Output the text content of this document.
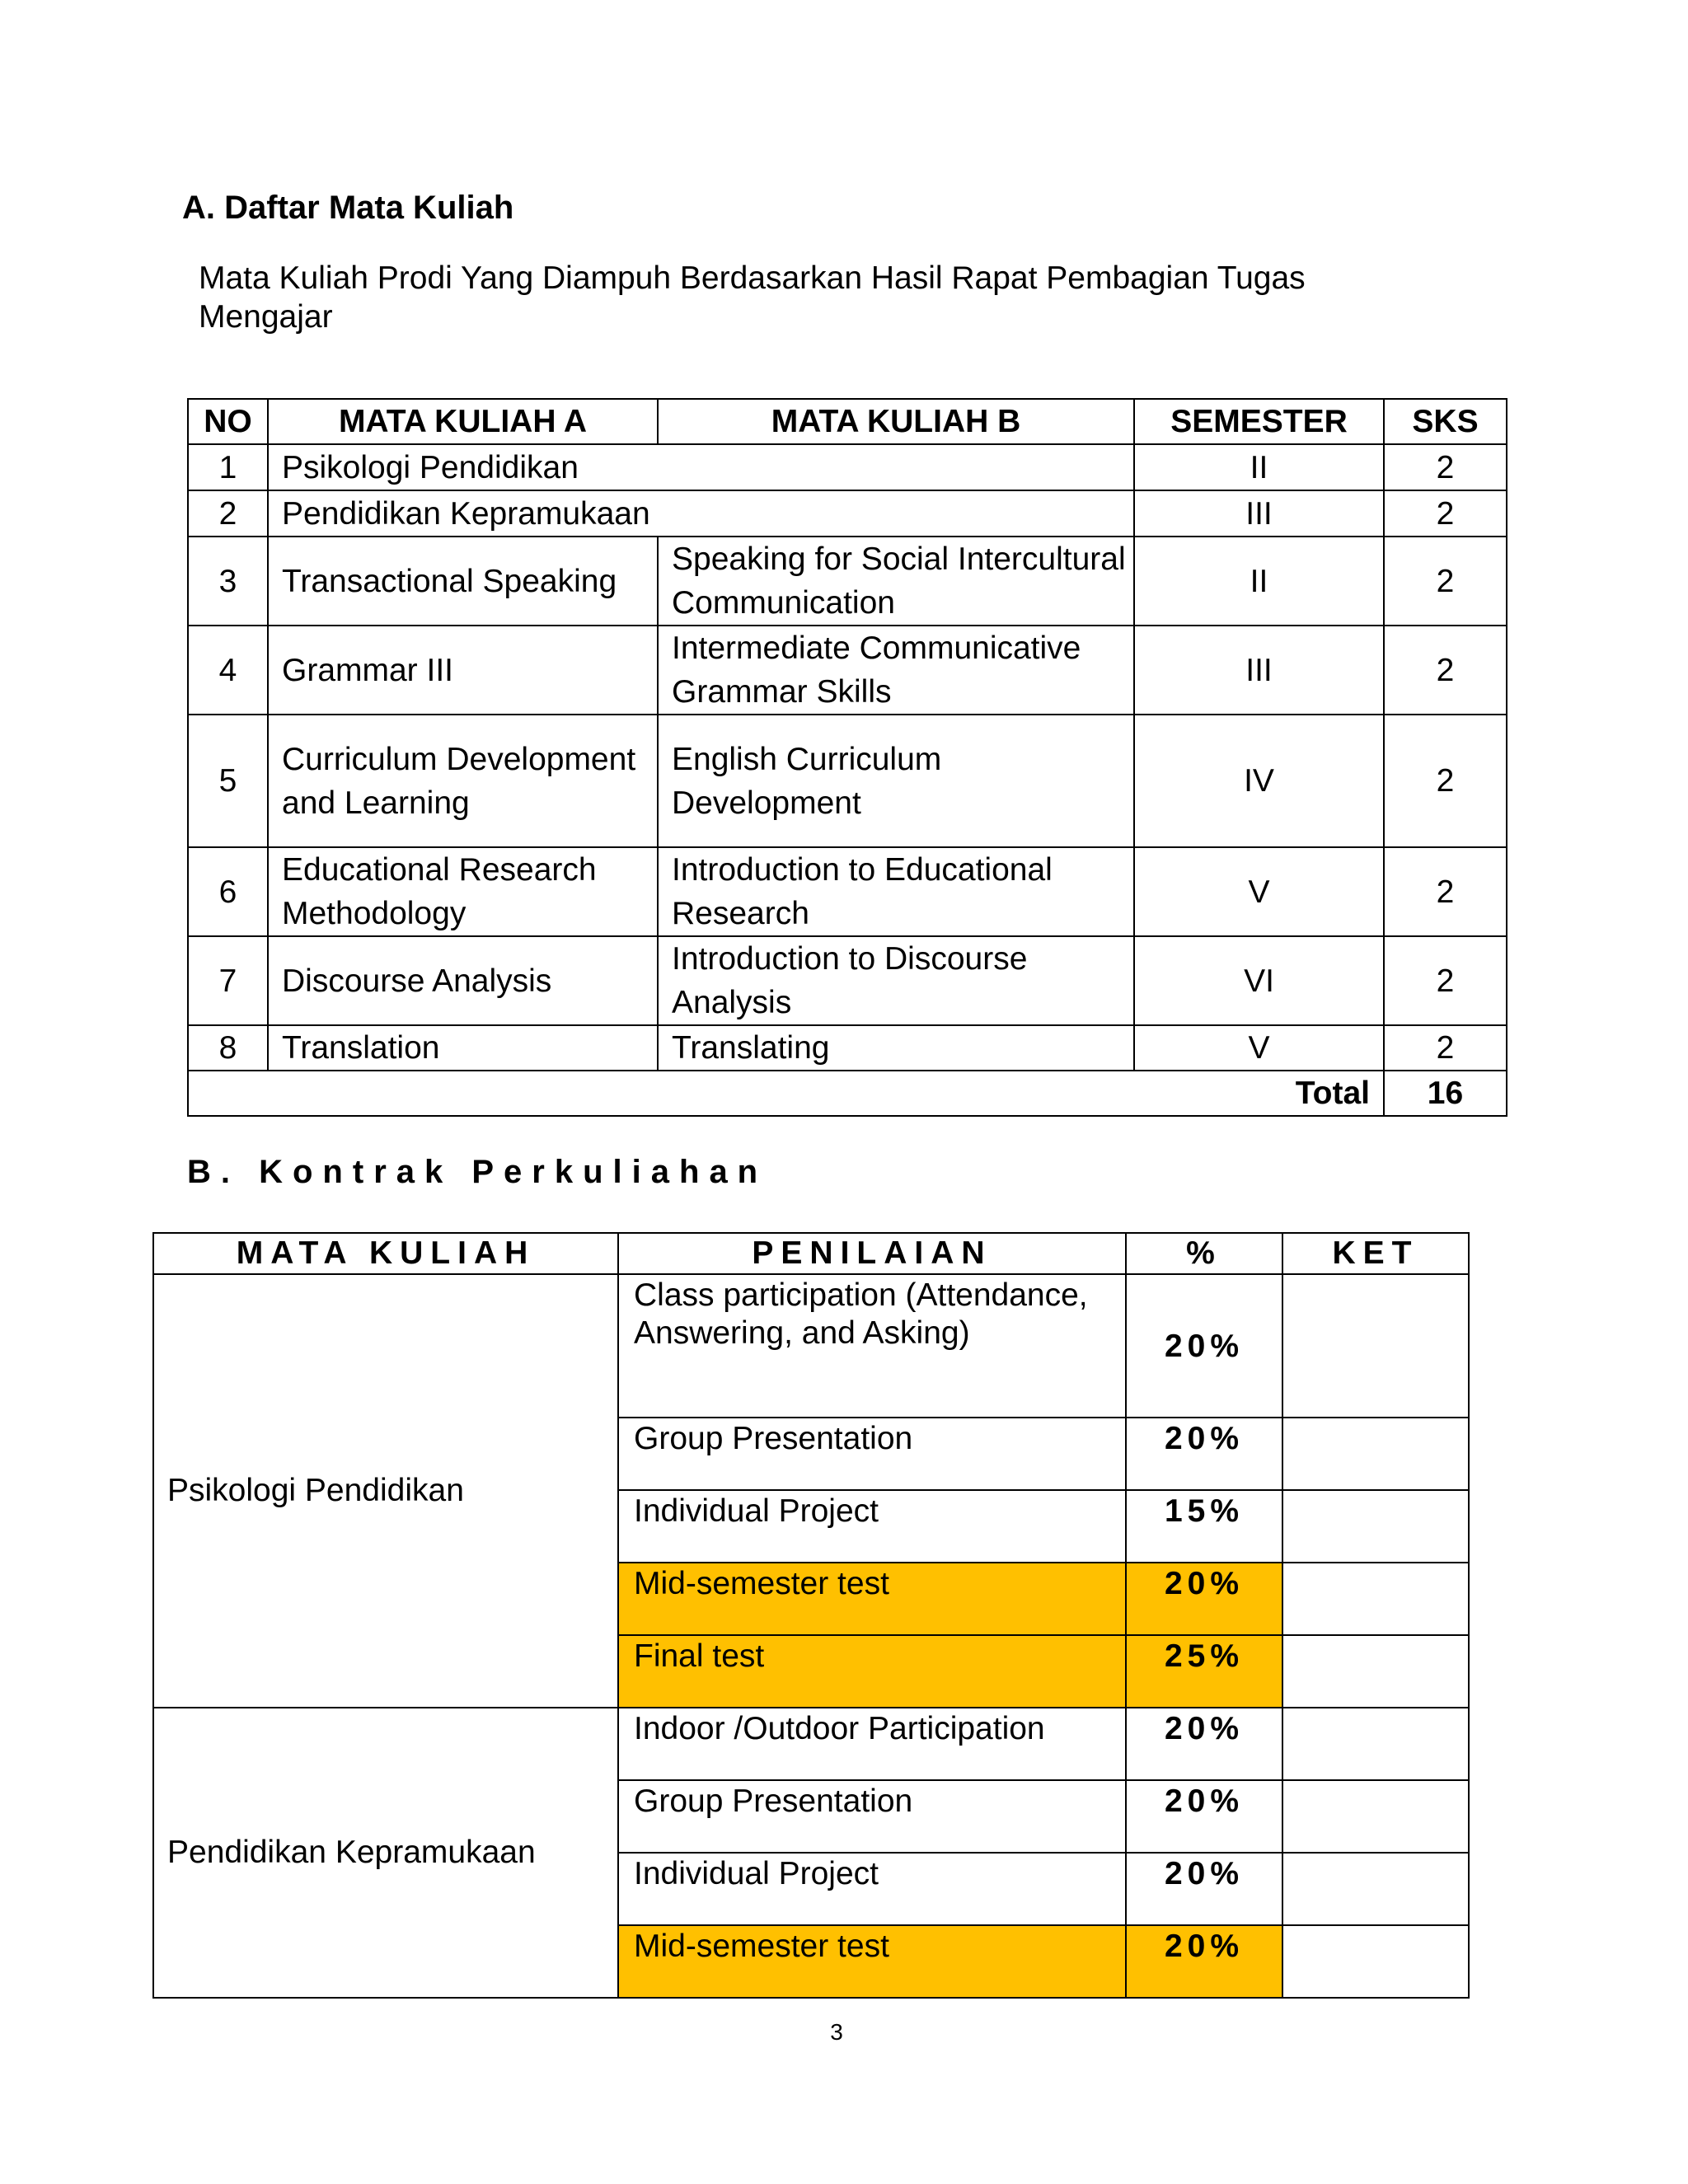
A. Daftar Mata Kuliah
Mata Kuliah Prodi Yang Diampuh Berdasarkan Hasil Rapat Pembagian Tugas Mengajar
NO	MATA KULIAH A	MATA KULIAH B	SEMESTER	SKS
1	Psikologi Pendidikan		II	2
2	Pendidikan Kepramukaan		III	2
3	Transactional Speaking	Speaking for Social Intercultural Communication	II	2
4	Grammar III	Intermediate Communicative Grammar Skills	III	2
5	Curriculum Development and Learning	English Curriculum Development	IV	2
6	Educational Research Methodology	Introduction to Educational Research	V	2
7	Discourse Analysis	Introduction to Discourse Analysis	VI	2
8	Translation	Translating	V	2
Total				16
B. Kontrak Perkuliahan
MATA KULIAH	PENILAIAN	%	KET
Psikologi Pendidikan	Class participation (Attendance, Answering, and Asking)	20%	
	Group Presentation	20%	
	Individual Project	15%	
	Mid-semester test	20%	
	Final test	25%	
Pendidikan Kepramukaan	Indoor /Outdoor Participation	20%	
	Group Presentation	20%	
	Individual Project	20%	
	Mid-semester test	20%	
3
